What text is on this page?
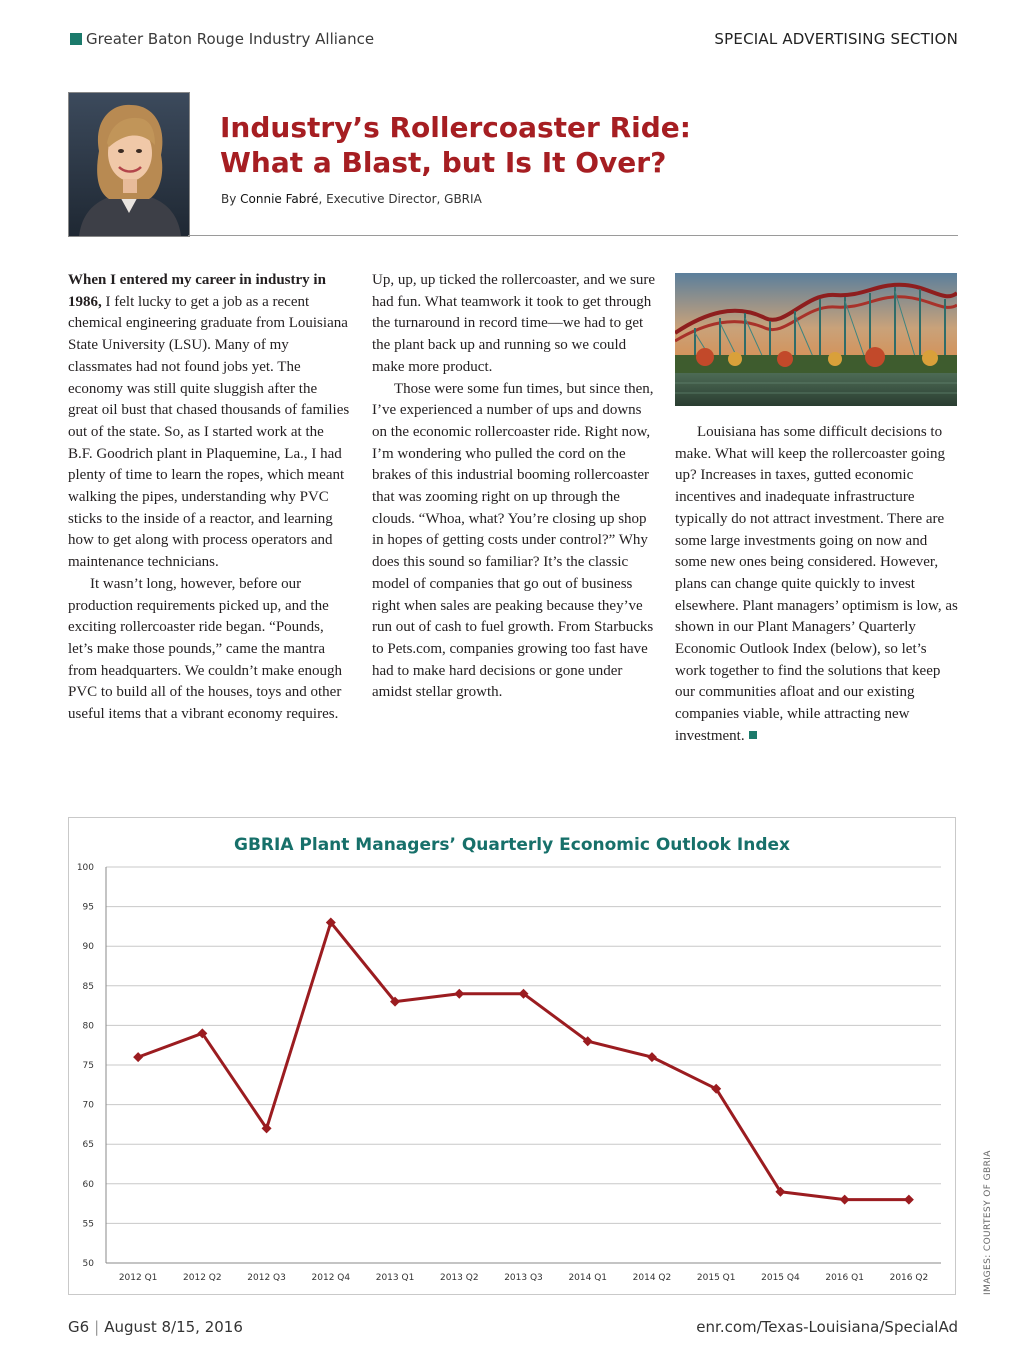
Greater Baton Rouge Industry Alliance	SPECIAL ADVERTISING SECTION
Industry’s Rollercoaster Ride:
What a Blast, but Is It Over?
By Connie Fabré, Executive Director, GBRIA

When I entered my career in industry in 1986, I felt lucky to get a job as a recent chemical engineering graduate from Louisiana State University (LSU). Many of my classmates had not found jobs yet. The economy was still quite sluggish after the great oil bust that chased thousands of families out of the state. So, as I started work at the B.F. Goodrich plant in Plaquemine, La., I had plenty of time to learn the ropes, which meant walking the pipes, understanding why PVC sticks to the inside of a reactor, and learning how to get along with process operators and maintenance technicians.

It wasn’t long, however, before our production requirements picked up, and the exciting rollercoaster ride began. “Pounds, let’s make those pounds,” came the mantra from headquarters. We couldn’t make enough PVC to build all of the houses, toys and other useful items that a vibrant economy requires.

Up, up, up ticked the rollercoaster, and we sure had fun. What teamwork it took to get through the turnaround in record time—we had to get the plant back up and running so we could make more product.

Those were some fun times, but since then, I’ve experienced a number of ups and downs on the economic rollercoaster ride. Right now, I’m wondering who pulled the cord on the brakes of this industrial booming rollercoaster that was zooming right on up through the clouds. “Whoa, what? You’re closing up shop in hopes of getting costs under control?” Why does this sound so familiar? It’s the classic model of companies that go out of business right when sales are peaking because they’ve run out of cash to fuel growth. From Starbucks to Pets.com, companies growing too fast have had to make hard decisions or gone under amidst stellar growth.

Louisiana has some difficult decisions to make. What will keep the rollercoaster going up? Increases in taxes, gutted economic incentives and inadequate infrastructure typically do not attract investment. There are some large investments going on now and some new ones being considered. However, plans can change quite quickly to invest elsewhere. Plant managers’ optimism is low, as shown in our Plant Managers’ Quarterly Economic Outlook Index (below), so let’s work together to find the solutions that keep our communities afloat and our existing companies viable, while attracting new investment.

GBRIA Plant Managers’ Quarterly Economic Outlook Index
50
55
60
65
70
75
80
85
90
95
100
2012 Q1	2012 Q2	2012 Q3	2012 Q4	2013 Q1	2013 Q2	2013 Q3	2014 Q1	2014 Q2	2015 Q1	2015 Q4	2016 Q1	2016 Q2	IMAGES: COURTESY OF GBRIA
G6 | August 8/15, 2016	enr.com/Texas-Louisiana/SpecialAd
